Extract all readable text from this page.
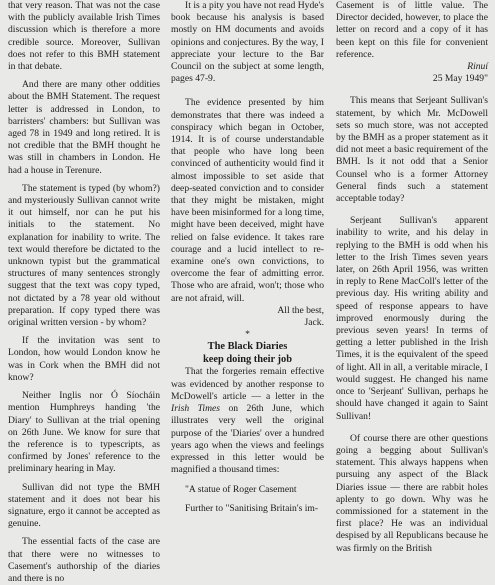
that very reason. That was not the case with the publicly available Irish Times discussion which is therefore a more credible source. Moreover, Sullivan does not refer to this BMH statement in that debate.

And there are many other oddities about the BMH Statement. The request letter is addressed in London, to barristers' chambers: but Sullivan was aged 78 in 1949 and long retired. It is not credible that the BMH thought he was still in chambers in London. He had a house in Terenure.

The statement is typed (by whom?) and mysteriously Sullivan cannot write it out himself, nor can he put his initials to the statement. No explanation for inability to write. The text would therefore be dictated to the unknown typist but the grammatical structures of many sentences strongly suggest that the text was copy typed, not dictated by a 78 year old without preparation. If copy typed there was original written version - by whom?

If the invitation was sent to London, how would London know he was in Cork when the BMH did not know?

Neither Inglis nor Ó Síocháin mention Humphreys handing 'the Diary' to Sullivan at the trial opening on 26th June. We know for sure that the reference is to typescripts, as confirmed by Jones' reference to the preliminary hearing in May.

Sullivan did not type the BMH statement and it does not bear his signature, ergo it cannot be accepted as genuine.

The essential facts of the case are that there were no witnesses to Casement's authorship of the diaries and there is no

It is a pity you have not read Hyde's book because his analysis is based mostly on HM documents and avoids opinions and conjectures. By the way, I appreciate your lecture to the Bar Council on the subject at some length, pages 47-9.

The evidence presented by him demonstrates that there was indeed a conspiracy which began in October, 1914. It is of course understandable that people who have long been convinced of authenticity would find it almost impossible to set aside that deep-seated conviction and to consider that they might be mistaken, might have been misinformed for a long time, might have been deceived, might have relied on false evidence. It takes rare courage and a lucid intellect to re-examine one's own convictions, to overcome the fear of admitting error. Those who are afraid, won't; those who are not afraid, will.

All the best,

Jack.

*

The Black Diaries

keep doing their job

That the forgeries remain effective was evidenced by another response to McDowell's article — a letter in the Irish Times on 26th June, which illustrates very well the original purpose of the 'Diaries' over a hundred years ago when the views and feelings expressed in this letter would be magnified a thousand times:

"A statue of Roger Casement

Further to "Sanitising Britain's im-

Casement is of little value. The Director decided, however, to place the letter on record and a copy of it has been kept on this file for convenient reference.

Rinuí

25 May 1949"

This means that Serjeant Sullivan's statement, by which Mr. McDowell sets so much store, was not accepted by the BMH as a proper statement as it did not meet a basic requirement of the BMH. Is it not odd that a Senior Counsel who is a former Attorney General finds such a statement acceptable today?

Serjeant Sullivan's apparent inability to write, and his delay in replying to the BMH is odd when his letter to the Irish Times seven years later, on 26th April 1956, was written in reply to Rene MacColl's letter of the previous day. His writing ability and speed of response appears to have improved enormously during the previous seven years! In terms of getting a letter published in the Irish Times, it is the equivalent of the speed of light. All in all, a veritable miracle, I would suggest. He changed his name once to 'Serjeant' Sullivan, perhaps he should have changed it again to Saint Sullivan!

Of course there are other questions going a begging about Sullivan's statement. This always happens when pursuing any aspect of the Black Diaries issue — there are rabbit holes aplenty to go down. Why was he commissioned for a statement in the first place? He was an individual despised by all Republicans because he was firmly on the British
